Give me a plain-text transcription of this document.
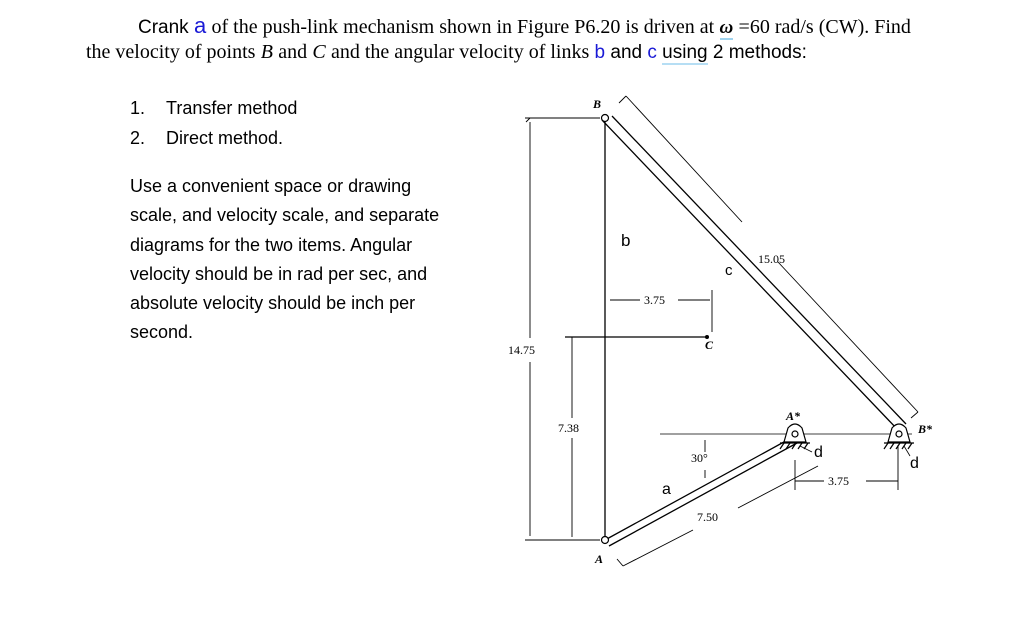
Crank a of the push-link mechanism shown in Figure P6.20 is driven at ω =60 rad/s (CW). Find
the velocity of points B and C and the angular velocity of links b and c using 2 methods:
1. Transfer method
2. Direct method.
Use a convenient space or drawing scale, and velocity scale, and separate diagrams for the two items. Angular velocity should be in rad per sec, and absolute velocity should be inch per second.
B
C
A
A*
B*
b
c
a
d
d
14.75
7.38
3.75
15.05
7.50
3.75
30°
